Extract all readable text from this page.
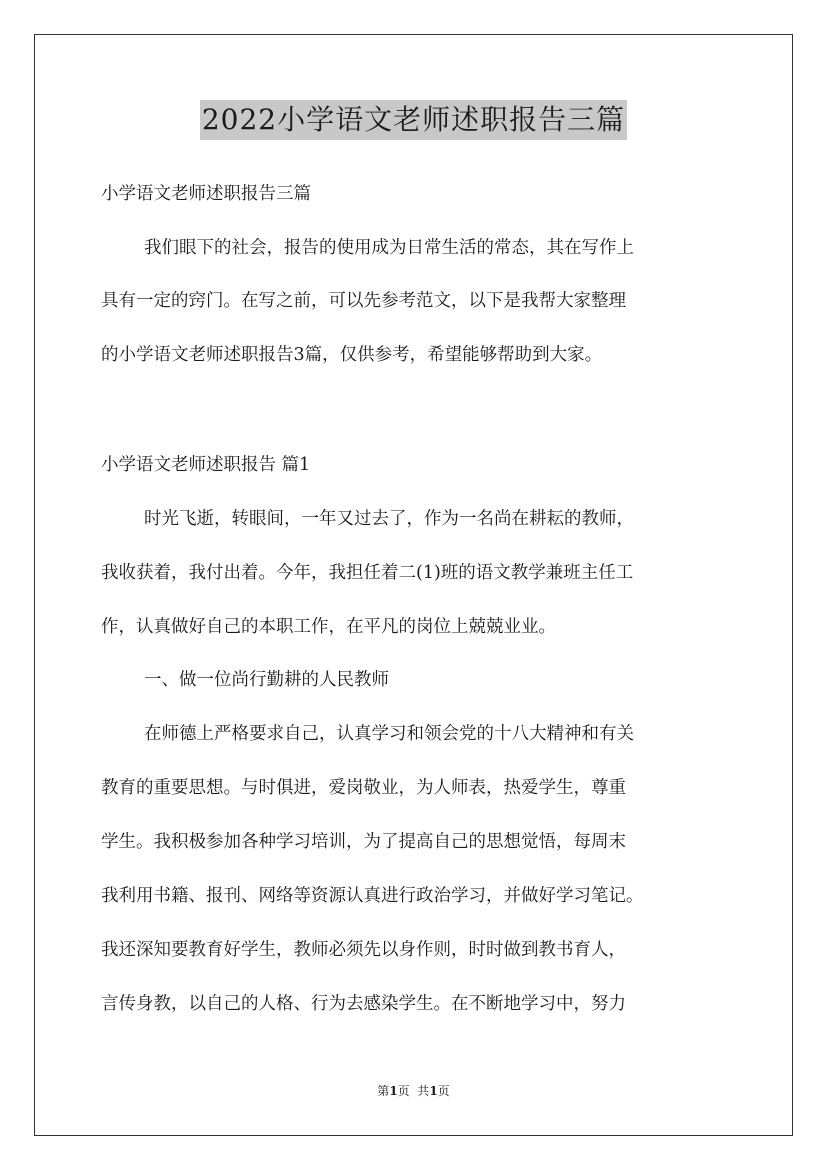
2022小学语文老师述职报告三篇
小学语文老师述职报告三篇
我们眼下的社会，报告的使用成为日常生活的常态，其在写作上
具有一定的窍门。在写之前，可以先参考范文，以下是我帮大家整理
的小学语文老师述职报告3篇，仅供参考，希望能够帮助到大家。
小学语文老师述职报告 篇1
时光飞逝，转眼间，一年又过去了，作为一名尚在耕耘的教师，
我收获着，我付出着。今年，我担任着二(1)班的语文教学兼班主任工
作，认真做好自己的本职工作，在平凡的岗位上兢兢业业。
一、做一位尚行勤耕的人民教师
在师德上严格要求自己，认真学习和领会党的十八大精神和有关
教育的重要思想。与时俱进，爱岗敬业，为人师表，热爱学生，尊重
学生。我积极参加各种学习培训，为了提高自己的思想觉悟，每周末
我利用书籍、报刊、网络等资源认真进行政治学习，并做好学习笔记。
我还深知要教育好学生，教师必须先以身作则，时时做到教书育人，
言传身教，以自己的人格、行为去感染学生。在不断地学习中，努力
第1页  共1页
